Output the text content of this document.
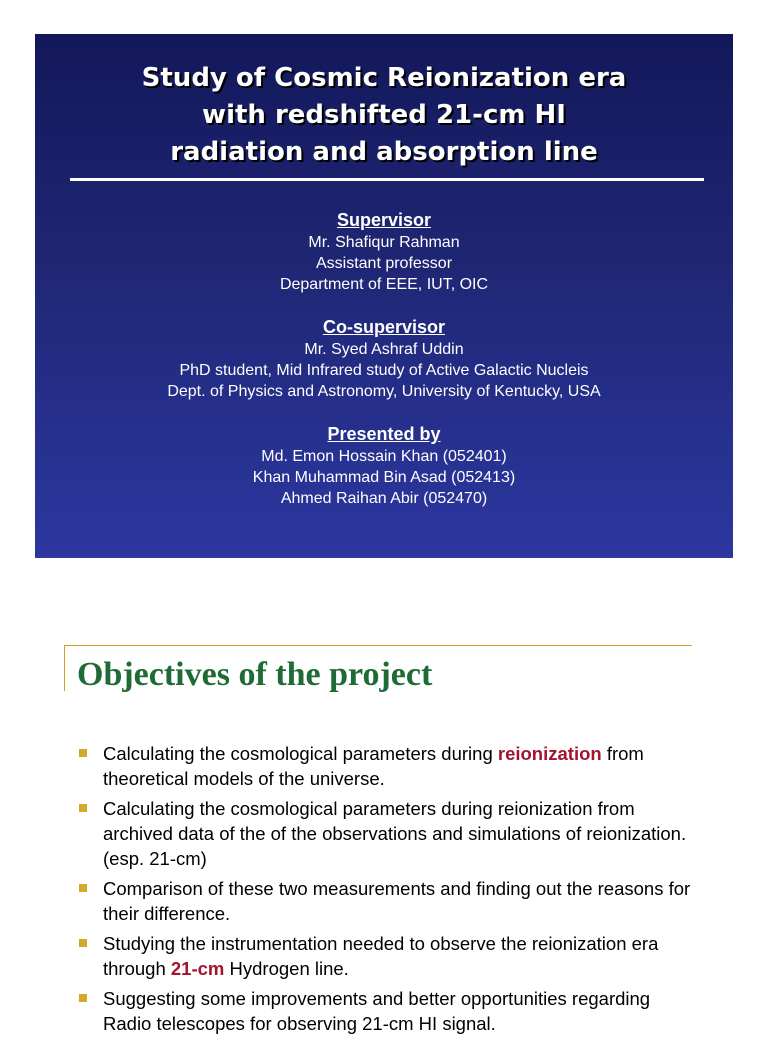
Study of Cosmic Reionization era
with redshifted 21-cm HI
radiation and absorption line
Supervisor
Mr. Shafiqur Rahman
Assistant professor
Department of EEE, IUT, OIC
Co-supervisor
Mr. Syed Ashraf Uddin
PhD student, Mid Infrared study of Active Galactic Nucleis
Dept. of Physics and Astronomy, University of Kentucky, USA
Presented by
Md. Emon Hossain Khan (052401)
Khan Muhammad Bin Asad (052413)
Ahmed Raihan Abir (052470)
Objectives of the project
Calculating the cosmological parameters during reionization from theoretical models of the universe.
Calculating the cosmological parameters during reionization from archived data of the of the observations and simulations of reionization. (esp. 21-cm)
Comparison of these two measurements and finding out the reasons for their difference.
Studying the instrumentation needed to observe the reionization era through 21-cm Hydrogen line.
Suggesting some improvements and better opportunities regarding Radio telescopes for observing 21-cm HI signal.
